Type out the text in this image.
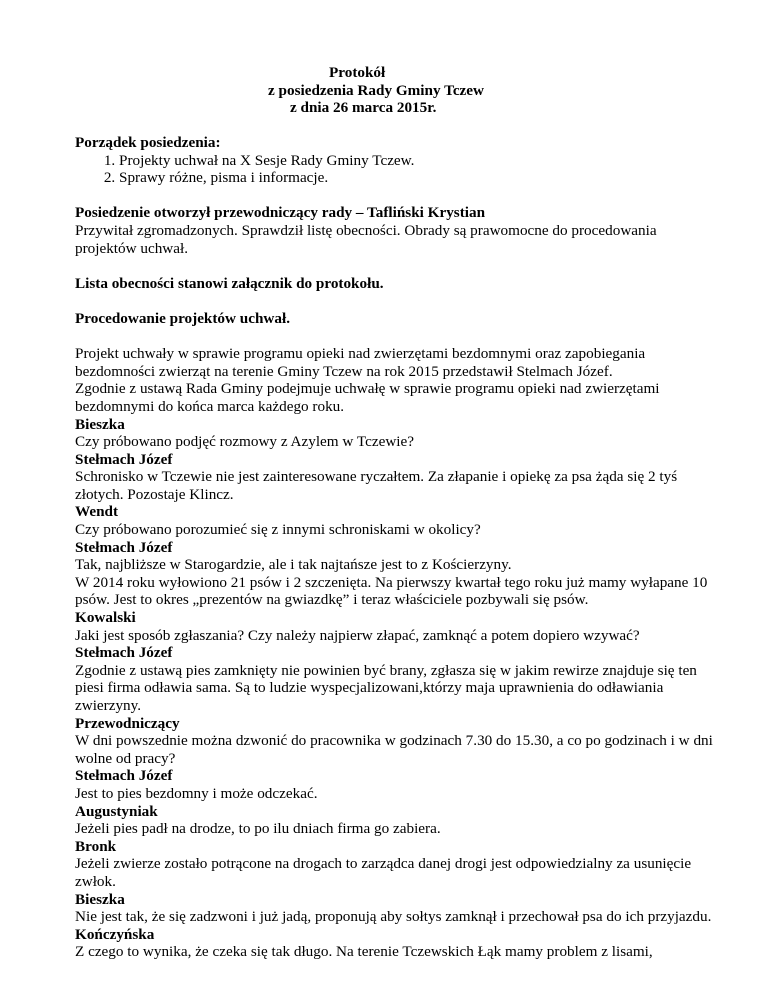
Protokół
z posiedzenia Rady Gminy Tczew
z dnia 26 marca 2015r.

Porządek posiedzenia:

1. Projekty uchwał na X Sesje Rady Gminy Tczew.
2. Sprawy różne, pisma i informacje.

Posiedzenie otworzył przewodniczący rady – Tafliński Krystian

Przywitał zgromadzonych. Sprawdził listę obecności. Obrady są prawomocne do procedowania projektów uchwał.

Lista obecności stanowi załącznik do protokołu.

Procedowanie projektów uchwał.

Projekt uchwały w sprawie programu opieki nad zwierzętami bezdomnymi oraz zapobiegania bezdomności zwierząt na terenie Gminy Tczew na rok 2015 przedstawił Stelmach Józef.

Zgodnie z ustawą Rada Gminy podejmuje uchwałę w sprawie programu opieki nad zwierzętami bezdomnymi do końca marca każdego roku.

Bieszka

Czy próbowano podjęć rozmowy z Azylem w Tczewie?

Stełmach Józef

Schronisko w Tczewie nie jest zainteresowane ryczałtem. Za złapanie i opiekę za psa żąda się 2 tyś złotych. Pozostaje Klincz.

Wendt

Czy próbowano porozumieć się z innymi schroniskami w okolicy?

Stełmach Józef

Tak, najbliższe w Starogardzie, ale i tak najtańsze jest to z Kościerzyny.

W 2014 roku wyłowiono 21 psów i 2 szczenięta. Na pierwszy kwartał tego roku już mamy wyłapane 10 psów. Jest to okres „prezentów na gwiazdkę” i teraz właściciele pozbywali się psów.

Kowalski

Jaki jest sposób zgłaszania? Czy należy najpierw złapać, zamknąć a potem dopiero wzywać?

Stełmach Józef

Zgodnie z ustawą pies zamknięty nie powinien być brany, zgłasza się w jakim rewirze znajduje się ten piesi firma odławia sama. Są to ludzie wyspecjalizowani,którzy maja uprawnienia do odławiania zwierzyny.

Przewodniczący

W dni powszednie można dzwonić do pracownika w godzinach 7.30 do 15.30, a co po godzinach i w dni wolne od pracy?

Stełmach Józef

Jest to pies bezdomny i może odczekać.

Augustyniak

Jeżeli pies padł na drodze, to po ilu dniach firma go zabiera.

Bronk

Jeżeli zwierze zostało potrącone na drogach to zarządca danej drogi jest odpowiedzialny za usunięcie zwłok.

Bieszka

Nie jest tak, że się zadzwoni i już jadą, proponują aby sołtys zamknął i przechował psa do ich przyjazdu.

Kończyńska

Z czego to wynika, że czeka się tak długo. Na terenie Tczewskich Łąk mamy problem z lisami,
